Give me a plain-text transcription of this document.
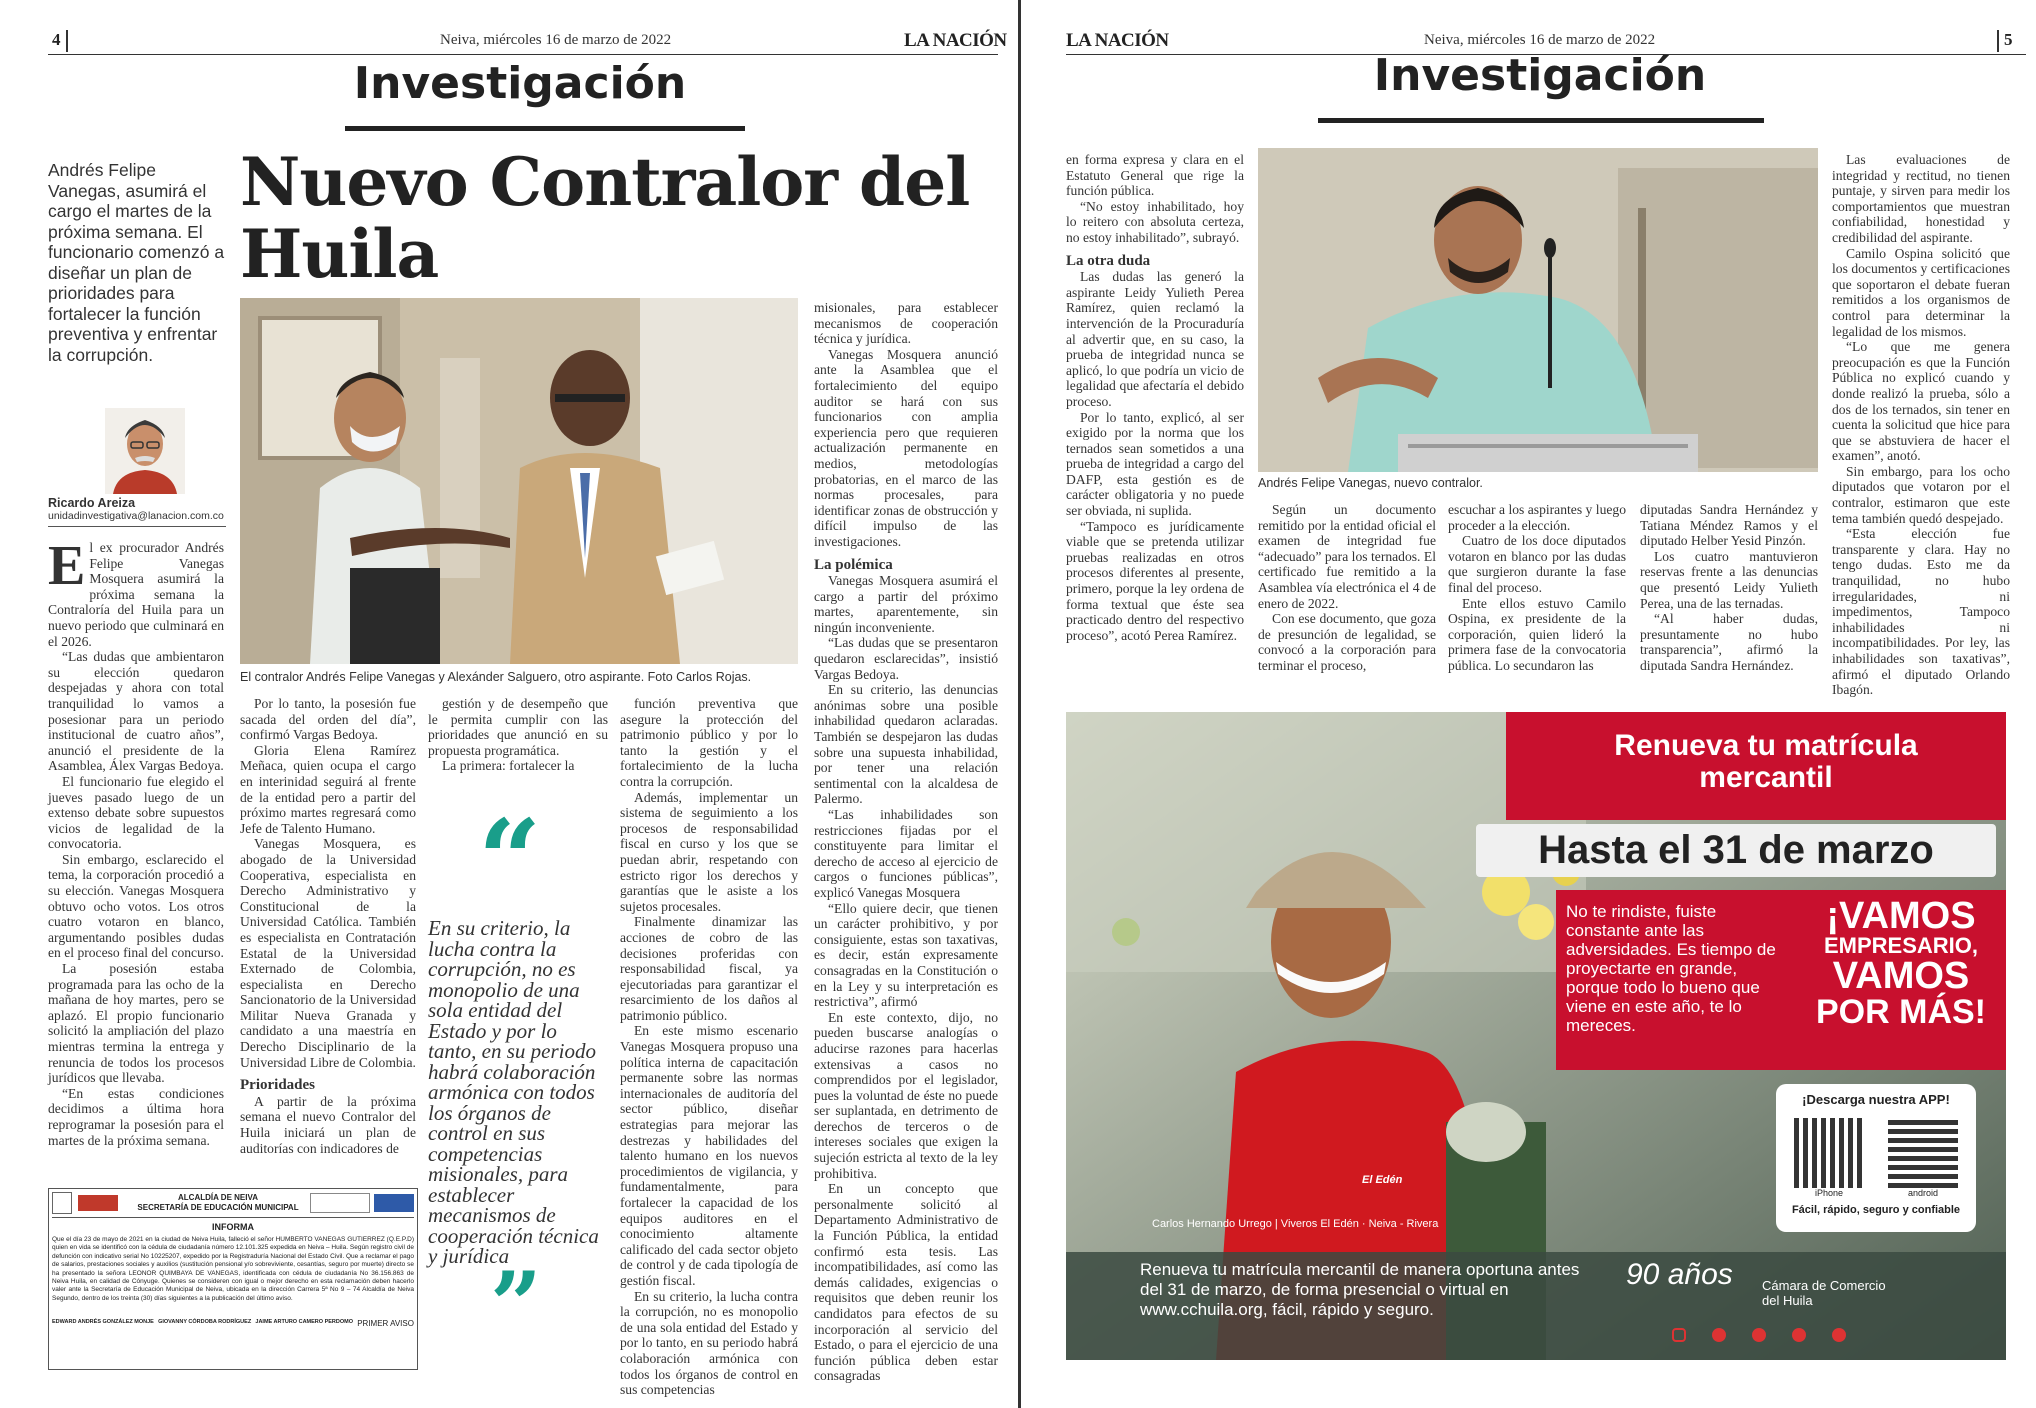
4	Neiva, miércoles 16 de marzo de 2022	LA NACIÓN
Investigación
Nuevo Contralor del Huila
Andrés Felipe Vanegas, asumirá el cargo el martes de la próxima semana. El funcionario comenzó a diseñar un plan de prioridades para fortalecer la función preventiva y enfrentar la corrupción.
Ricardo Areiza
unidadinvestigativa@lanacion.com.co
El contralor Andrés Felipe Vanegas y Alexánder Salguero, otro aspirante. Foto Carlos Rojas.

El ex procurador Andrés Felipe Vanegas Mosquera asumirá la próxima semana la Contraloría del Huila para un nuevo periodo que culminará en el 2026.

“Las dudas que ambientaron su elección quedaron despejadas y ahora con total tranquilidad lo vamos a posesionar para un periodo institucional de cuatro años”, anunció el presidente de la Asamblea, Álex Vargas Bedoya.

El funcionario fue elegido el jueves pasado luego de un extenso debate sobre supuestos vicios de legalidad de la convocatoria.

Sin embargo, esclarecido el tema, la corporación procedió a su elección. Vanegas Mosquera obtuvo ocho votos. Los otros cuatro votaron en blanco, argumentando posibles dudas en el proceso final del concurso.

La posesión estaba programada para las ocho de la mañana de hoy martes, pero se aplazó. El propio funcionario solicitó la ampliación del plazo mientras termina la entrega y renuncia de todos los procesos jurídicos que llevaba.

“En estas condiciones decidimos a última hora reprogramar la posesión para el martes de la próxima semana.

Por lo tanto, la posesión fue sacada del orden del día”, confirmó Vargas Bedoya.

Gloria Elena Ramírez Meñaca, quien ocupa el cargo en interinidad seguirá al frente de la entidad pero a partir del próximo martes regresará como Jefe de Talento Humano.

Vanegas Mosquera, es abogado de la Universidad Cooperativa, especialista en Derecho Administrativo y Constitucional de la Universidad Católica. También es especialista en Contratación Estatal de la Universidad Externado de Colombia, especialista en Derecho Sancionatorio de la Universidad Militar Nueva Granada y candidato a una maestría en Derecho Disciplinario de la Universidad Libre de Colombia.

Prioridades

A partir de la próxima semana el nuevo Contralor del Huila iniciará un plan de auditorías con indicadores de

gestión y de desempeño que le permita cumplir con las prioridades que anunció en su propuesta programática.

La primera: fortalecer la

“
En su criterio, la lucha contra la corrupción, no es monopolio de una sola entidad del Estado y por lo tanto, en su periodo habrá colaboración armónica con todos los órganos de control en sus competencias misionales, para establecer mecanismos de cooperación técnica y jurídica
”

función preventiva que asegure la protección del patrimonio público y por lo tanto la gestión y el fortalecimiento de la lucha contra la corrupción.

Además, implementar un sistema de seguimiento a los procesos de responsabilidad fiscal en curso y los que se puedan abrir, respetando con estricto rigor los derechos y garantías que le asiste a los sujetos procesales.

Finalmente dinamizar las acciones de cobro de las decisiones proferidas con responsabilidad fiscal, ya ejecutoriadas para garantizar el resarcimiento de los daños al patrimonio público.

En este mismo escenario Vanegas Mosquera propuso una política interna de capacitación permanente sobre las normas internacionales de auditoría del sector público, diseñar estrategias para mejorar las destrezas y habilidades del talento humano en los nuevos procedimientos de vigilancia, y fundamentalmente, para fortalecer la capacidad de los equipos auditores en el conocimiento altamente calificado del cada sector objeto de control y de cada tipología de gestión fiscal.

En su criterio, la lucha contra la corrupción, no es monopolio de una sola entidad del Estado y por lo tanto, en su periodo habrá colaboración armónica con todos los órganos de control en sus competencias

misionales, para establecer mecanismos de cooperación técnica y jurídica.

Vanegas Mosquera anunció ante la Asamblea que el fortalecimiento del equipo auditor se hará con sus funcionarios con amplia experiencia pero que requieren actualización permanente en medios, metodologías probatorias, en el marco de las normas procesales, para identificar zonas de obstrucción y difícil impulso de las investigaciones.

La polémica

Vanegas Mosquera asumirá el cargo a partir del próximo martes, aparentemente, sin ningún inconveniente.

“Las dudas que se presentaron quedaron esclarecidas”, insistió Vargas Bedoya.

En su criterio, las denuncias anónimas sobre una posible inhabilidad quedaron aclaradas. También se despejaron las dudas sobre una supuesta inhabilidad, por tener una relación sentimental con la alcaldesa de Palermo.

“Las inhabilidades son restricciones fijadas por el constituyente para limitar el derecho de acceso al ejercicio de cargos o funciones públicas”, explicó Vanegas Mosquera

“Ello quiere decir, que tienen un carácter prohibitivo, y por consiguiente, estas son taxativas, es decir, están expresamente consagradas en la Constitución o en la Ley y su interpretación es restrictiva”, afirmó

En este contexto, dijo, no pueden buscarse analogías o aducirse razones para hacerlas extensivas a casos no comprendidos por el legislador, pues la voluntad de éste no puede ser suplantada, en detrimento de derechos de terceros o de intereses sociales que exigen la sujeción estricta al texto de la ley prohibitiva.

En un concepto que personalmente solicitó al Departamento Administrativo de la Función Pública, la entidad confirmó esta tesis. Las incompatibilidades, así como las demás calidades, exigencias o requisitos que deben reunir los candidatos para efectos de su incorporación al servicio del Estado, o para el ejercicio de una función pública deben estar consagradas

ALCALDÍA DE NEIVA
SECRETARÍA DE EDUCACIÓN MUNICIPAL
INFORMA
Que el día 23 de mayo de 2021 en la ciudad de Neiva Huila, falleció el señor HUMBERTO VANEGAS GUTIERREZ (Q.E.P.D) quien en vida se identificó con la cédula de ciudadanía número 12.101.325 expedida en Neiva – Huila. Según registro civil de defunción con indicativo serial No 10225207, expedido por la Registraduría Nacional del Estado Civil. Que a reclamar el pago de salarios, prestaciones sociales y auxilios (sustitución pensional y/o sobreviviente, cesantías, seguro por muerte) directo se ha presentado la señora LEONOR QUIMBAYA DE VANEGAS, identificada con cédula de ciudadanía No 36.156.863 de Neiva Huila, en calidad de Cónyuge. Quienes se consideren con igual o mejor derecho en esta reclamación deben hacerlo valer ante la Secretaría de Educación Municipal de Neiva, ubicada en la dirección Carrera 5ª No 9 – 74 Alcaldía de Neiva Segundo, dentro de los treinta (30) días siguientes a la publicación del último aviso.
EDWARD ANDRÉS GONZÁLEZ MONJE GIOVANNY CÓRDOBA RODRÍGUEZ JAIME ARTURO CAMERO PERDOMO PRIMER AVISO
LA NACIÓN	Neiva, miércoles 16 de marzo de 2022	5
Investigación
Andrés Felipe Vanegas, nuevo contralor.

en forma expresa y clara en el Estatuto General que rige la función pública.

“No estoy inhabilitado, hoy lo reitero con absoluta certeza, no estoy inhabilitado”, subrayó.

La otra duda

Las dudas las generó la aspirante Leidy Yulieth Perea Ramírez, quien reclamó la intervención de la Procuraduría al advertir que, en su caso, la prueba de integridad nunca se aplicó, lo que podría un vicio de legalidad que afectaría el debido proceso.

Por lo tanto, explicó, al ser exigido por la norma que los ternados sean sometidos a una prueba de integridad a cargo del DAFP, esta gestión es de carácter obligatoria y no puede ser obviada, ni suplida.

“Tampoco es jurídicamente viable que se pretenda utilizar pruebas realizadas en otros procesos diferentes al presente, primero, porque la ley ordena de forma textual que éste sea practicado dentro del respectivo proceso”, acotó Perea Ramírez.

Según un documento remitido por la entidad oficial el examen de integridad fue “adecuado” para los ternados. El certificado fue remitido a la Asamblea vía electrónica el 4 de enero de 2022.

Con ese documento, que goza de presunción de legalidad, se convocó a la corporación para terminar el proceso,

escuchar a los aspirantes y luego proceder a la elección.

Cuatro de los doce diputados votaron en blanco por las dudas que surgieron durante la fase final del proceso.

Ente ellos estuvo Camilo Ospina, ex presidente de la corporación, quien lideró la primera fase de la convocatoria pública. Lo secundaron las

diputadas Sandra Hernández y Tatiana Méndez Ramos y el diputado Helber Yesid Pinzón.

Los cuatro mantuvieron reservas frente a las denuncias que presentó Leidy Yulieth Perea, una de las ternadas.

“Al haber dudas, presuntamente no hubo transparencia”, afirmó la diputada Sandra Hernández.

Las evaluaciones de integridad y rectitud, no tienen puntaje, y sirven para medir los comportamientos que muestran confiabilidad, honestidad y credibilidad del aspirante.

Camilo Ospina solicitó que los documentos y certificaciones que soportaron el debate fueran remitidos a los organismos de control para determinar la legalidad de los mismos.

“Lo que me genera preocupación es que la Función Pública no explicó cuando y donde realizó la prueba, sólo a dos de los ternados, sin tener en cuenta la solicitud que hice para que se abstuviera de hacer el examen”, anotó.

Sin embargo, para los ocho diputados que votaron por el contralor, estimaron que este tema también quedó despejado.

“Esta elección fue transparente y clara. Hay no tengo dudas. Esto me da tranquilidad, no hubo irregularidades, ni impedimentos, Tampoco inhabilidades ni incompatibilidades. Por ley, las inhabilidades son taxativas”, afirmó el diputado Orlando Ibagón.

Renueva tu matrícula
mercantil
Hasta el 31 de marzo
No te rindiste, fuiste constante ante las adversidades. Es tiempo de proyectarte en grande, porque todo lo bueno que viene en este año, te lo mereces.
¡VAMOS
EMPRESARIO,
VAMOS
POR MÁS!
¡Descarga nuestra APP!
iPhone	android
Fácil, rápido, seguro y confiable
El Edén
Carlos Hernando Urrego | Viveros El Edén · Neiva - Rivera
Renueva tu matrícula mercantil de manera oportuna antes del 31 de marzo, de forma presencial o virtual en www.cchuila.org, fácil, rápido y seguro.
90 años Cámara de Comercio
del Huila
